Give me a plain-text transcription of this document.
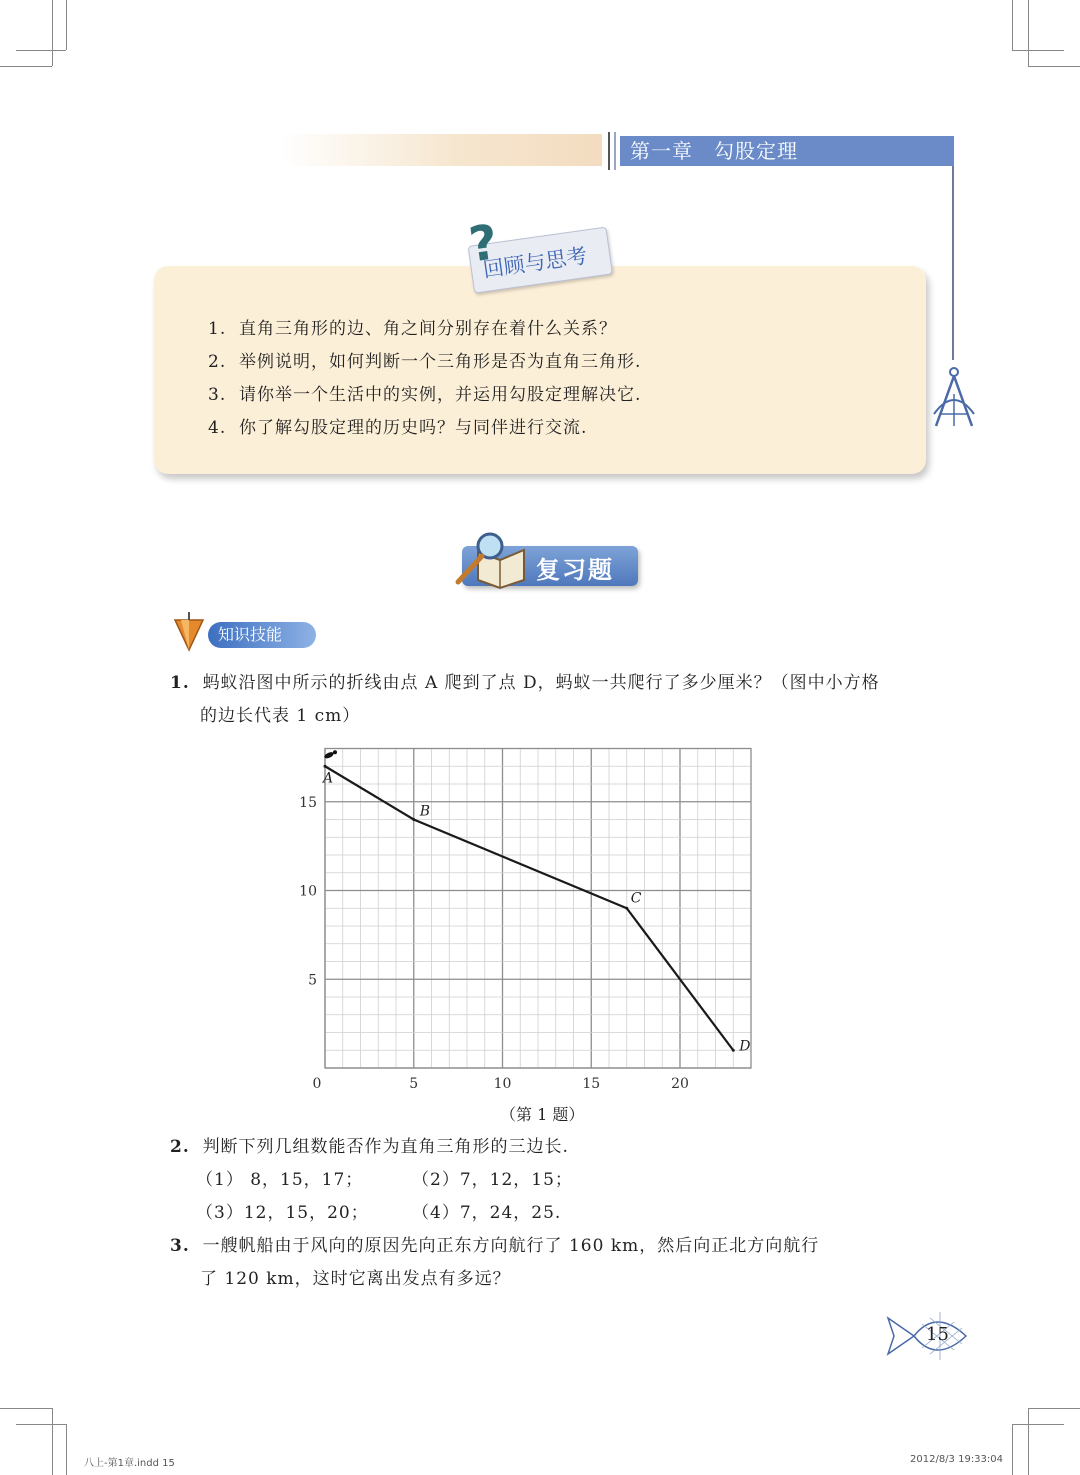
第一章　勾股定理
?
回顾与思考
1. 直角三角形的边、角之间分别存在着什么关系？
2. 举例说明，如何判断一个三角形是否为直角三角形.
3. 请你举一个生活中的实例，并运用勾股定理解决它.
4. 你了解勾股定理的历史吗？与同伴进行交流.
复习题
知识技能
1. 蚂蚁沿图中所示的折线由点 A 爬到了点 D，蚂蚁一共爬行了多少厘米？（图中小方格
的边长代表 1 cm）
0	5	10	15	20
5
10
15
A
B
C
D
（第 1 题）
2. 判断下列几组数能否作为直角三角形的三边长.
（1） 8，15，17；	（2）7，12，15；
（3）12，15，20；	（4）7，24，25.
3. 一艘帆船由于风向的原因先向正东方向航行了 160 km，然后向正北方向航行
了 120 km，这时它离出发点有多远？
15
八上-第1章.indd 15	2012/8/3 19:33:04
